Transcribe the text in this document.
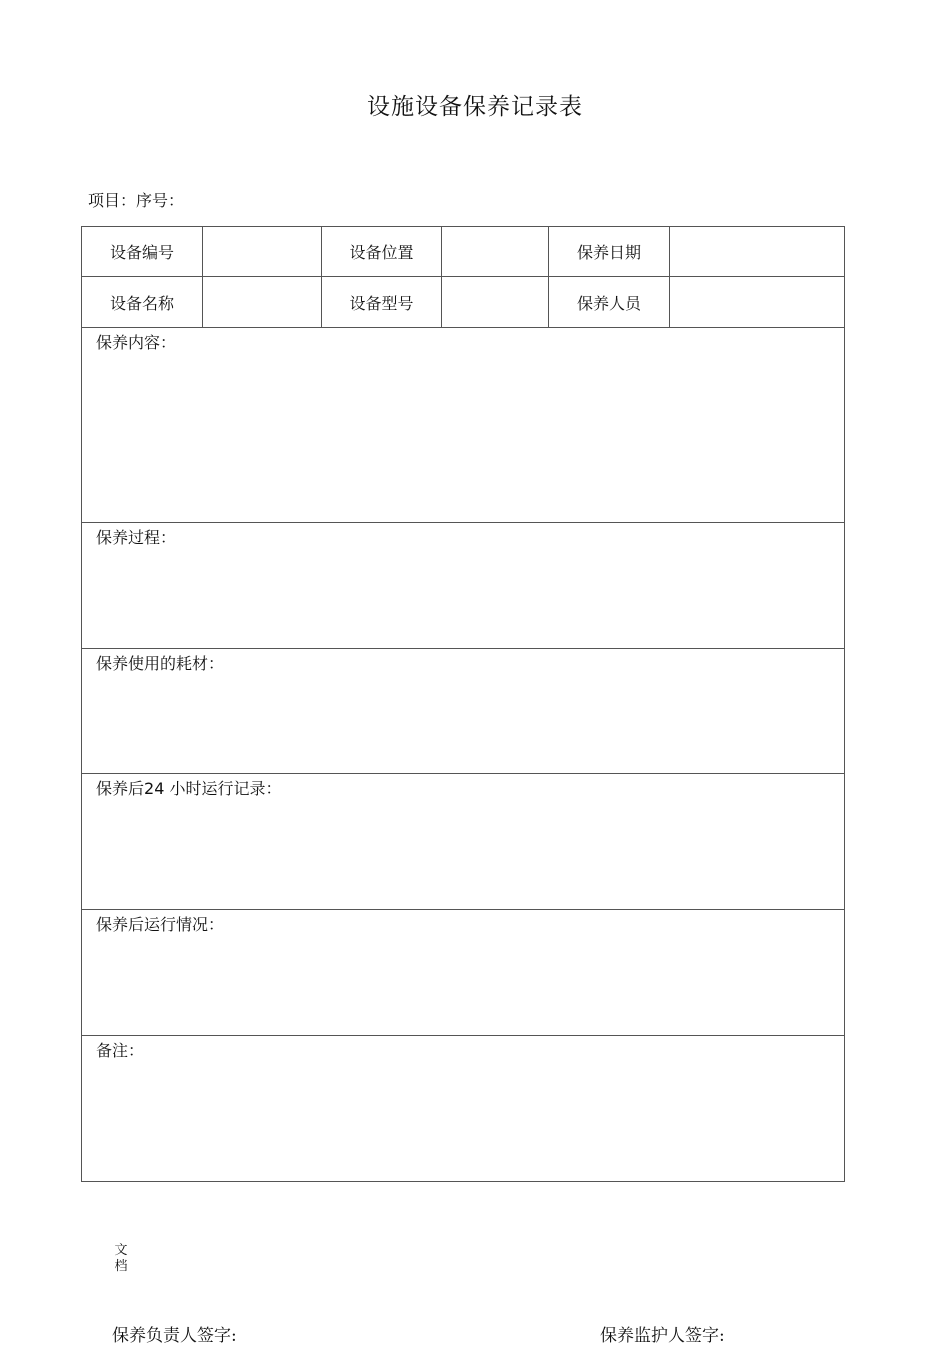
设施设备保养记录表
项目：序号：
设备编号		设备位置		保养日期	
设备名称		设备型号		保养人员	
保养内容：					
保养过程：					
保养使用的耗材：					
保养后24 小时运行记录：					
保养后运行情况：					
备注：					
文
档
保养负责人签字:	保养监护人签字:
